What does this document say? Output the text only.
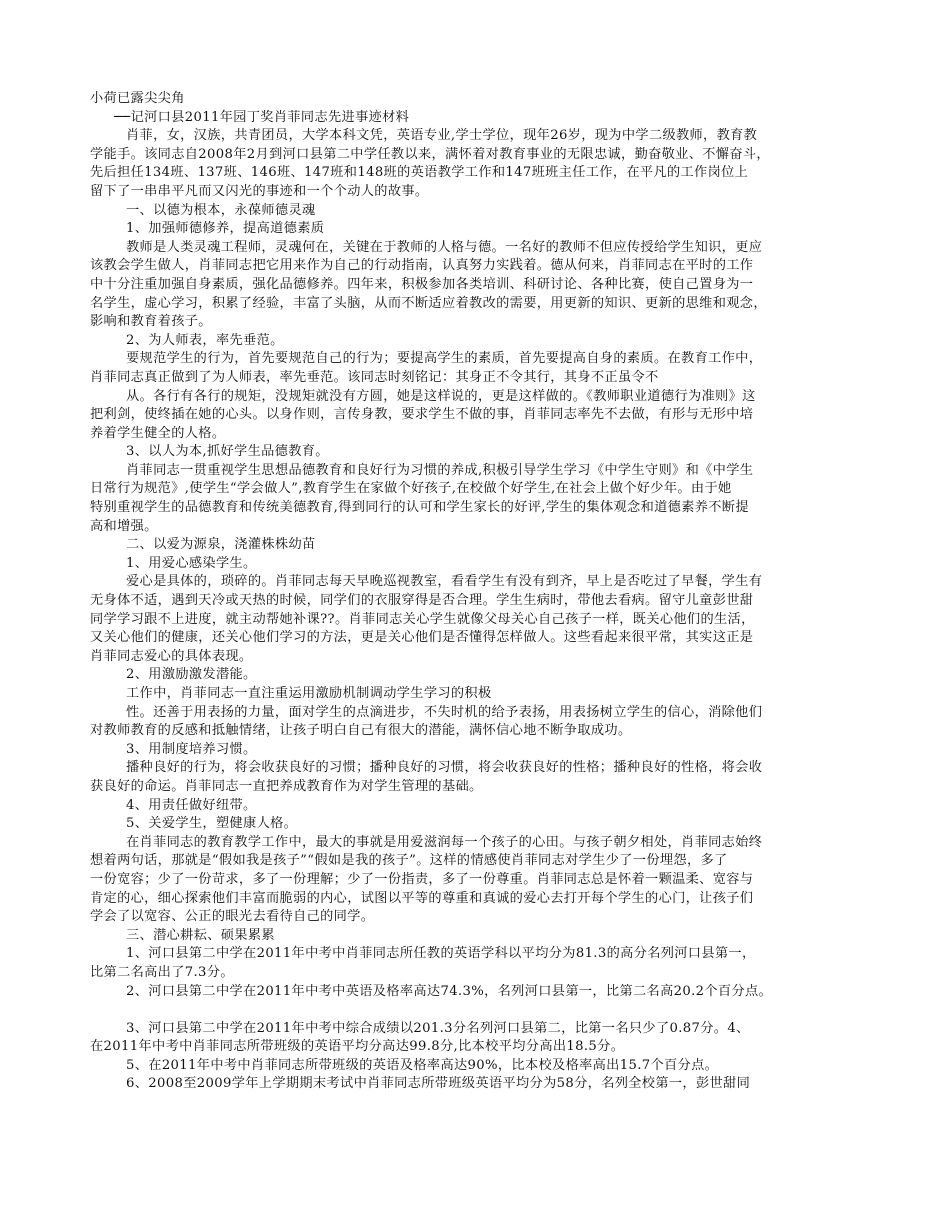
小荷已露尖尖角
──记河口县2011年园丁奖肖菲同志先进事迹材料
肖菲，女，汉族，共青团员，大学本科文凭，英语专业,学士学位，现年26岁，现为中学二级教师，教育教
学能手。该同志自2008年2月到河口县第二中学任教以来，满怀着对教育事业的无限忠诚，勤奋敬业、不懈奋斗，
先后担任134班、137班、146班、147班和148班的英语教学工作和147班班主任工作，在平凡的工作岗位上
留下了一串串平凡而又闪光的事迹和一个个动人的故事。
一、以德为根本，永葆师德灵魂
1、加强师德修养，提高道德素质
教师是人类灵魂工程师，灵魂何在，关键在于教师的人格与德。一名好的教师不但应传授给学生知识，更应
该教会学生做人，肖菲同志把它用来作为自己的行动指南，认真努力实践着。德从何来，肖菲同志在平时的工作
中十分注重加强自身素质，强化品德修养。四年来，积极参加各类培训、科研讨论、各种比赛，使自己置身为一
名学生，虚心学习，积累了经验，丰富了头脑，从而不断适应着教改的需要，用更新的知识、更新的思维和观念，
影响和教育着孩子。
2、为人师表，率先垂范。
要规范学生的行为，首先要规范自己的行为；要提高学生的素质，首先要提高自身的素质。在教育工作中，
肖菲同志真正做到了为人师表，率先垂范。该同志时刻铭记：其身正不令其行，其身不正虽令不
从。各行有各行的规矩，没规矩就没有方圆，她是这样说的，更是这样做的。《教师职业道德行为准则》这
把利剑，使终插在她的心头。以身作则，言传身教，要求学生不做的事，肖菲同志率先不去做，有形与无形中培
养着学生健全的人格。
3、以人为本,抓好学生品德教育。
肖菲同志一贯重视学生思想品德教育和良好行为习惯的养成,积极引导学生学习《中学生守则》和《中学生
日常行为规范》,使学生“学会做人”,教育学生在家做个好孩子,在校做个好学生,在社会上做个好少年。由于她
特别重视学生的品德教育和传统美德教育,得到同行的认可和学生家长的好评,学生的集体观念和道德素养不断提
高和增强。
二、以爱为源泉，浇灌株株幼苗
1、用爱心感染学生。
爱心是具体的，琐碎的。肖菲同志每天早晚巡视教室，看看学生有没有到齐，早上是否吃过了早餐，学生有
无身体不适，遇到天冷或天热的时候，同学们的衣服穿得是否合理。学生生病时，带他去看病。留守儿童彭世甜
同学学习跟不上进度，就主动帮她补课??。肖菲同志关心学生就像父母关心自己孩子一样，既关心他们的生活，
又关心他们的健康，还关心他们学习的方法，更是关心他们是否懂得怎样做人。这些看起来很平常，其实这正是
肖菲同志爱心的具体表现。
2、用激励激发潜能。
工作中，肖菲同志一直注重运用激励机制调动学生学习的积极
性。还善于用表扬的力量，面对学生的点滴进步，不失时机的给予表扬，用表扬树立学生的信心，消除他们
对教师教育的反感和抵触情绪，让孩子明白自己有很大的潜能，满怀信心地不断争取成功。
3、用制度培养习惯。
播种良好的行为，将会收获良好的习惯；播种良好的习惯，将会收获良好的性格；播种良好的性格，将会收
获良好的命运。肖菲同志一直把养成教育作为对学生管理的基础。
4、用责任做好纽带。
5、关爱学生，塑健康人格。
在肖菲同志的教育教学工作中，最大的事就是用爱滋润每一个孩子的心田。与孩子朝夕相处，肖菲同志始终
想着两句话，那就是“假如我是孩子”“假如是我的孩子”。这样的情感使肖菲同志对学生少了一份埋怨，多了
一份宽容；少了一份苛求，多了一份理解；少了一份指责，多了一份尊重。肖菲同志总是怀着一颗温柔、宽容与
肯定的心，细心探索他们丰富而脆弱的内心，试图以平等的尊重和真诚的爱心去打开每个学生的心门，让孩子们
学会了以宽容、公正的眼光去看待自己的同学。
三、潜心耕耘、硕果累累
1、河口县第二中学在2011年中考中肖菲同志所任教的英语学科以平均分为81.3的高分名列河口县第一，
比第二名高出了7.3分。
2、河口县第二中学在2011年中考中英语及格率高达74.3%，名列河口县第一，比第二名高20.2个百分点。
3、河口县第二中学在2011年中考中综合成绩以201.3分名列河口县第二，比第一名只少了0.87分。4、
在2011年中考中肖菲同志所带班级的英语平均分高达99.8分,比本校平均分高出18.5分。
5、在2011年中考中肖菲同志所带班级的英语及格率高达90%，比本校及格率高出15.7个百分点。
6、2008至2009学年上学期期末考试中肖菲同志所带班级英语平均分为58分，名列全校第一，彭世甜同
